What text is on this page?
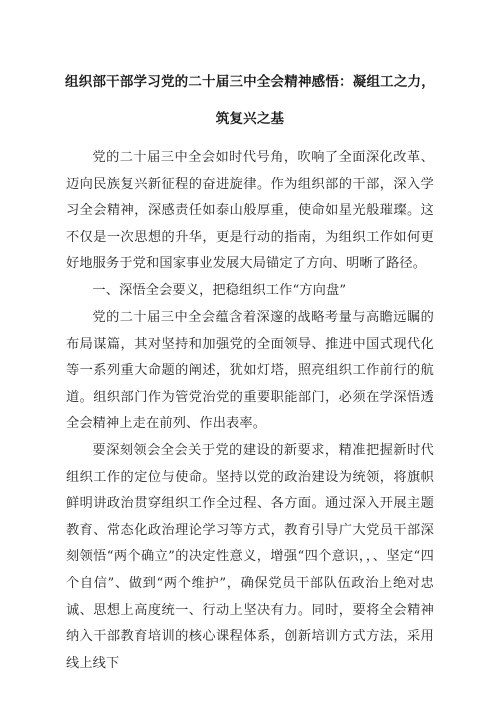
组织部干部学习党的二十届三中全会精神感悟：凝组工之力，
筑复兴之基

党的二十届三中全会如时代号角，吹响了全面深化改革、迈向民族复兴新征程的奋进旋律。作为组织部的干部，深入学习全会精神，深感责任如泰山般厚重，使命如星光般璀璨。这不仅是一次思想的升华，更是行动的指南，为组织工作如何更好地服务于党和国家事业发展大局锚定了方向、明晰了路径。

一、深悟全会要义，把稳组织工作“方向盘”

党的二十届三中全会蕴含着深邃的战略考量与高瞻远瞩的布局谋篇，其对坚持和加强党的全面领导、推进中国式现代化等一系列重大命题的阐述，犹如灯塔，照亮组织工作前行的航道。组织部门作为管党治党的重要职能部门，必须在学深悟透全会精神上走在前列、作出表率。

要深刻领会全会关于党的建设的新要求，精准把握新时代组织工作的定位与使命。坚持以党的政治建设为统领，将旗帜鲜明讲政治贯穿组织工作全过程、各方面。通过深入开展主题教育、常态化政治理论学习等方式，教育引导广大党员干部深刻领悟“两个确立”的决定性意义，增强“四个意识，，、坚定“四个自信”、做到“两个维护”，确保党员干部队伍政治上绝对忠诚、思想上高度统一、行动上坚决有力。同时，要将全会精神纳入干部教育培训的核心课程体系，创新培训方式方法，采用线上线下
